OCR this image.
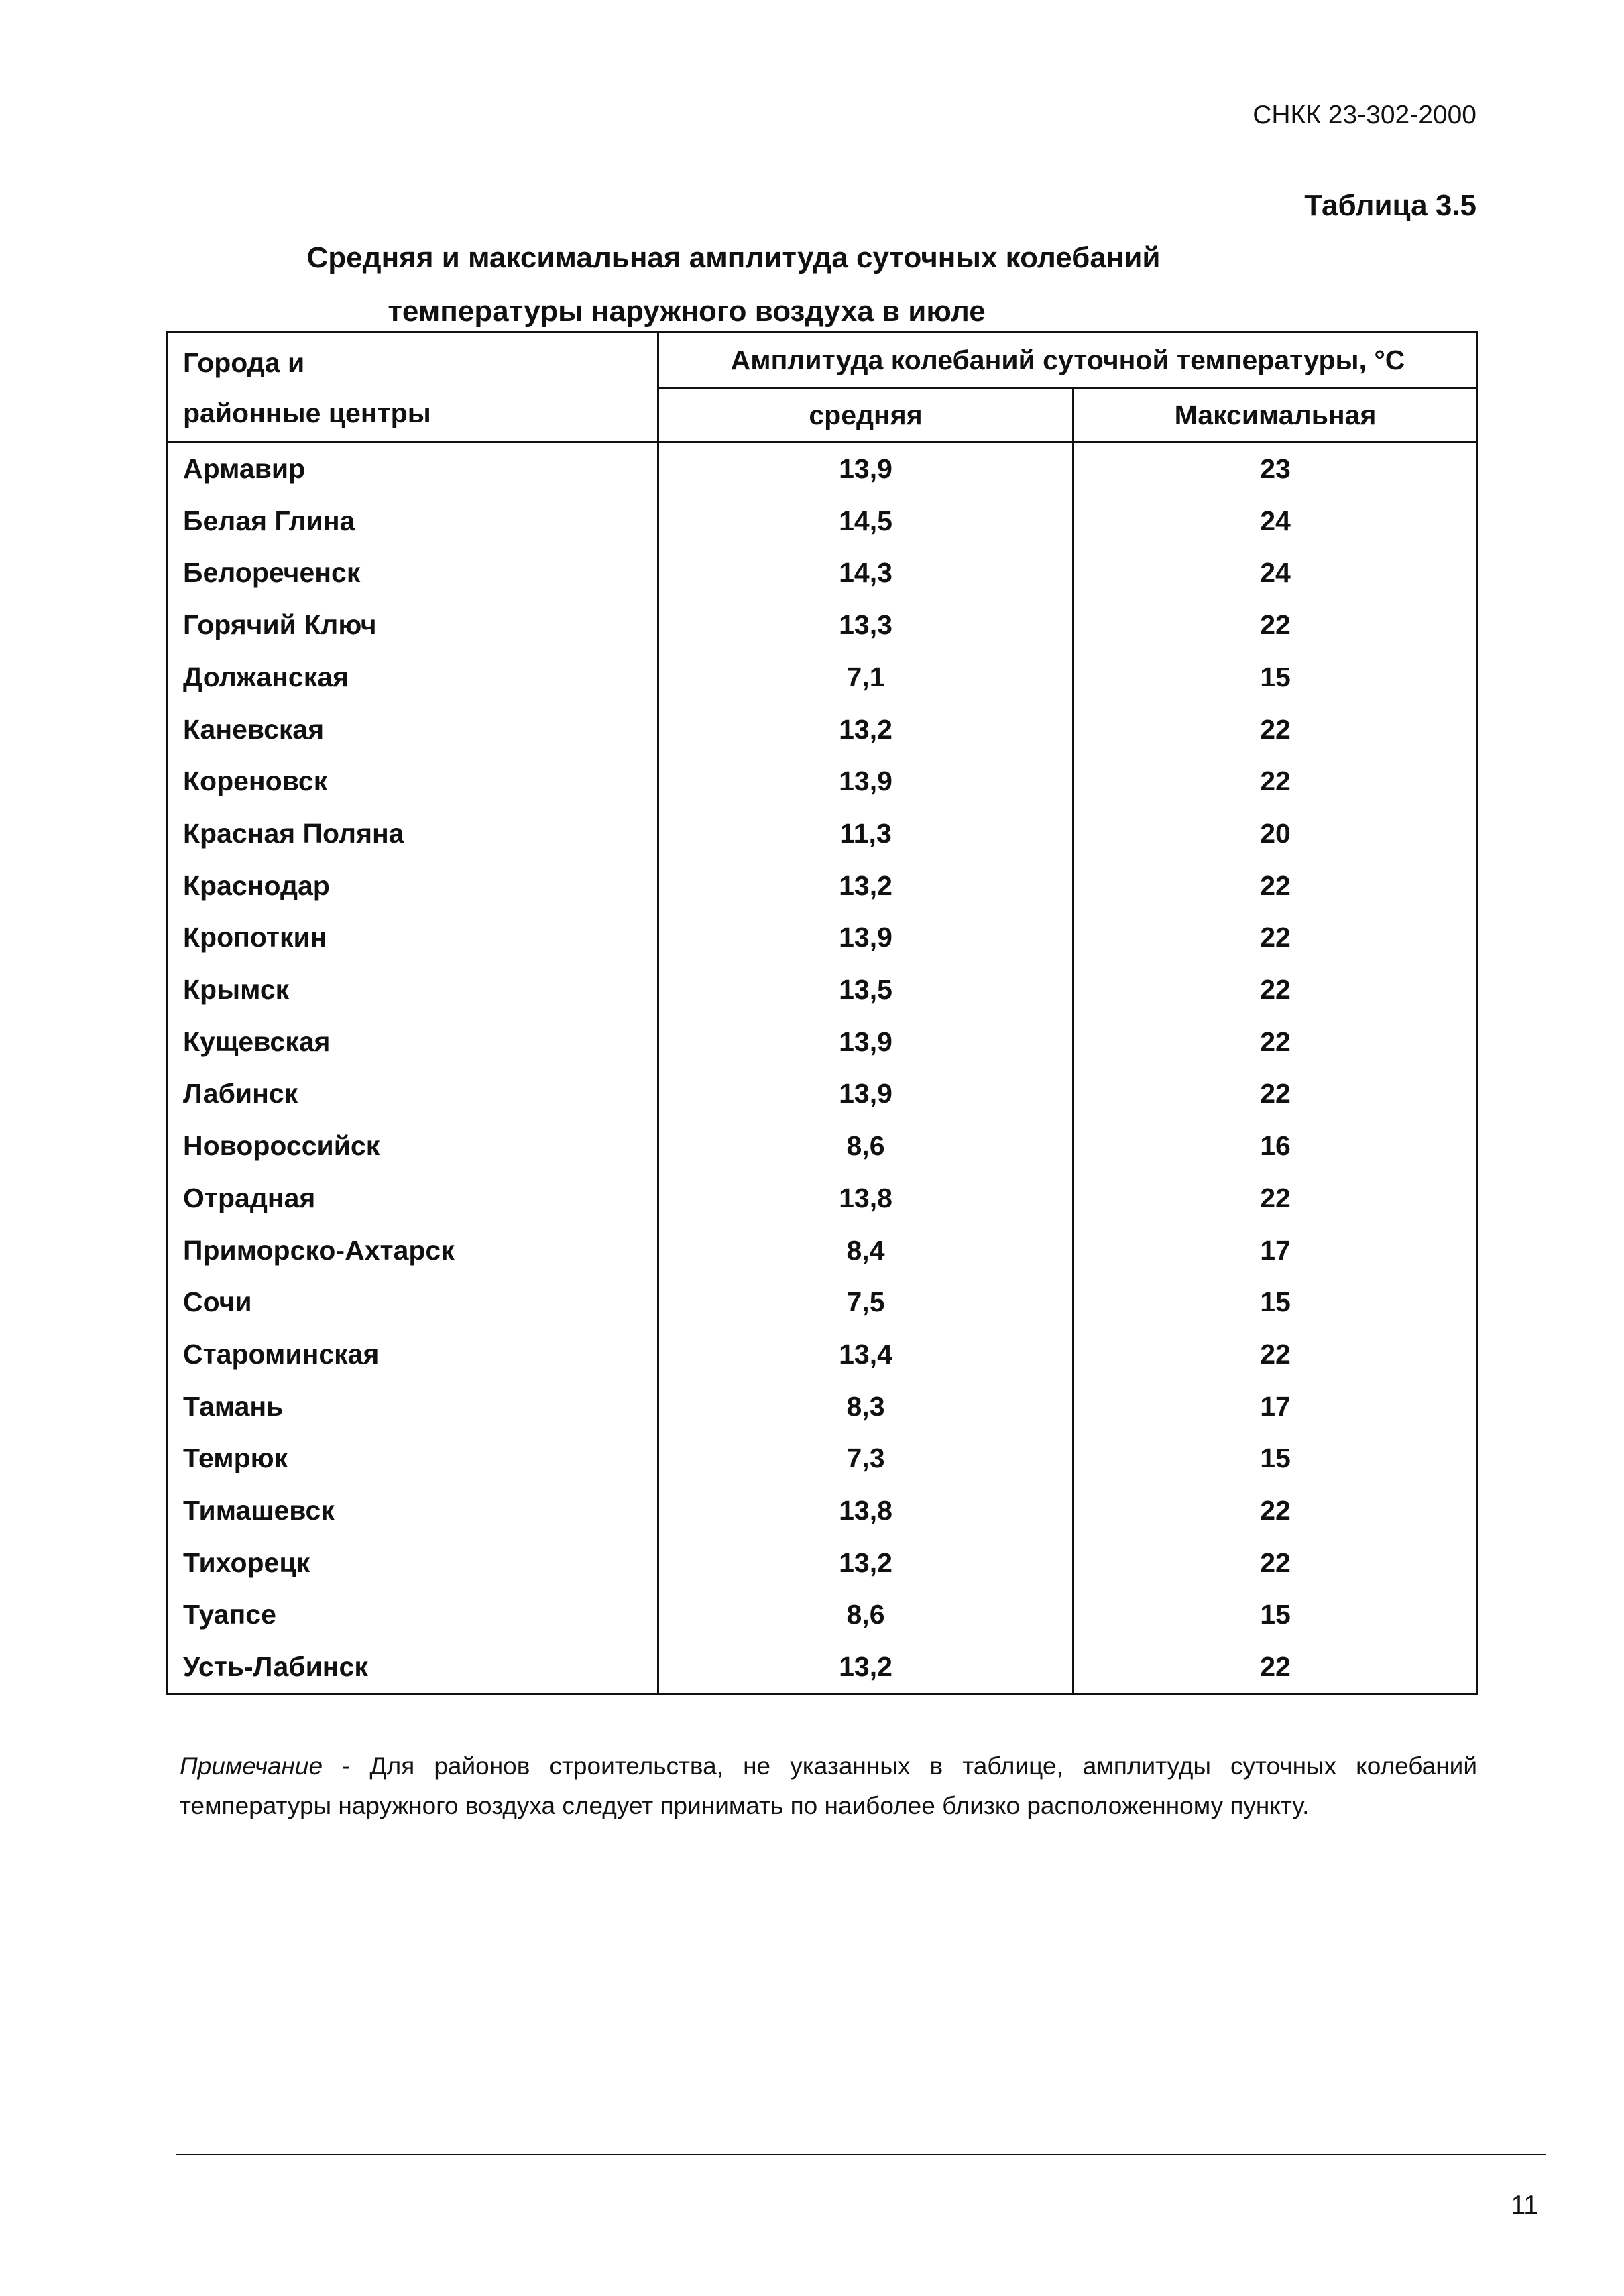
СНКК 23-302-2000
Таблица 3.5
Средняя и максимальная амплитуда суточных колебаний
температуры наружного воздуха в июле
Города и
районные центры	Амплитуда колебаний суточной температуры, °С	
	средняя	Максимальная
Армавир	13,9	23
Белая Глина	14,5	24
Белореченск	14,3	24
Горячий Ключ	13,3	22
Должанская	7,1	15
Каневская	13,2	22
Кореновск	13,9	22
Красная Поляна	11,3	20
Краснодар	13,2	22
Кропоткин	13,9	22
Крымск	13,5	22
Кущевская	13,9	22
Лабинск	13,9	22
Новороссийск	8,6	16
Отрадная	13,8	22
Приморско-Ахтарск	8,4	17
Сочи	7,5	15
Староминская	13,4	22
Тамань	8,3	17
Темрюк	7,3	15
Тимашевск	13,8	22
Тихорецк	13,2	22
Туапсе	8,6	15
Усть-Лабинск	13,2	22
Примечание - Для районов строительства, не указанных в таблице, амплитуды суточных колебаний температуры наружного воздуха следует принимать по наиболее близко расположенному пункту.
11
